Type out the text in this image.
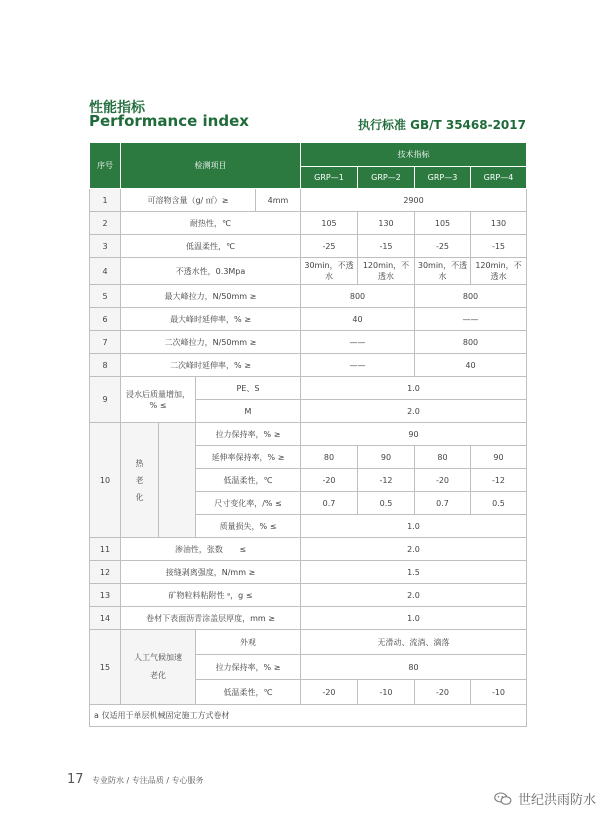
性能指标
Performance index	执行标准 GB/T 35468-2017
序号	检测项目				技术指标			
					GRP—1	GRP—2	GRP—3	GRP—4
1	可溶物含量（g/ ㎡）≥			4mm	2900			
2	耐热性，℃				105	130	105	130
3	低温柔性，℃				-25	-15	-25	-15
4	不透水性，0.3Mpa				30min，不透水	120min，不透水	30min，不透水	120min，不透水
5	最大峰拉力，N/50mm ≥				800		800	
6	最大峰时延伸率，% ≥				40		——	
7	二次峰拉力，N/50mm ≥				——		800	
8	二次峰时延伸率，% ≥				——		40	
9	浸水后质量增加，% ≤		PE、S		1.0			
			M		2.0			
10	热
老
化		拉力保持率，% ≥		90			
			延伸率保持率，% ≥		80	90	80	90
			低温柔性，℃		-20	-12	-20	-12
			尺寸变化率，/% ≤		0.7	0.5	0.7	0.5
			质量损失，% ≤		1.0			
11	渗油性，张数 ≤				2.0			
12	接缝剥离强度，N/mm ≥				1.5			
13	矿物粒料粘附性 ᵃ，g ≤				2.0			
14	卷材下表面沥青涂盖层厚度，mm ≥				1.0			
15	人工气候加速老化		外观		无滑动、流淌、滴落			
			拉力保持率，% ≥		80			
			低温柔性，℃		-20	-10	-20	-10
a 仅适用于单层机械固定施工方式卷材								
17 专业防水 / 专注品质 / 专心服务
世纪洪雨防水
